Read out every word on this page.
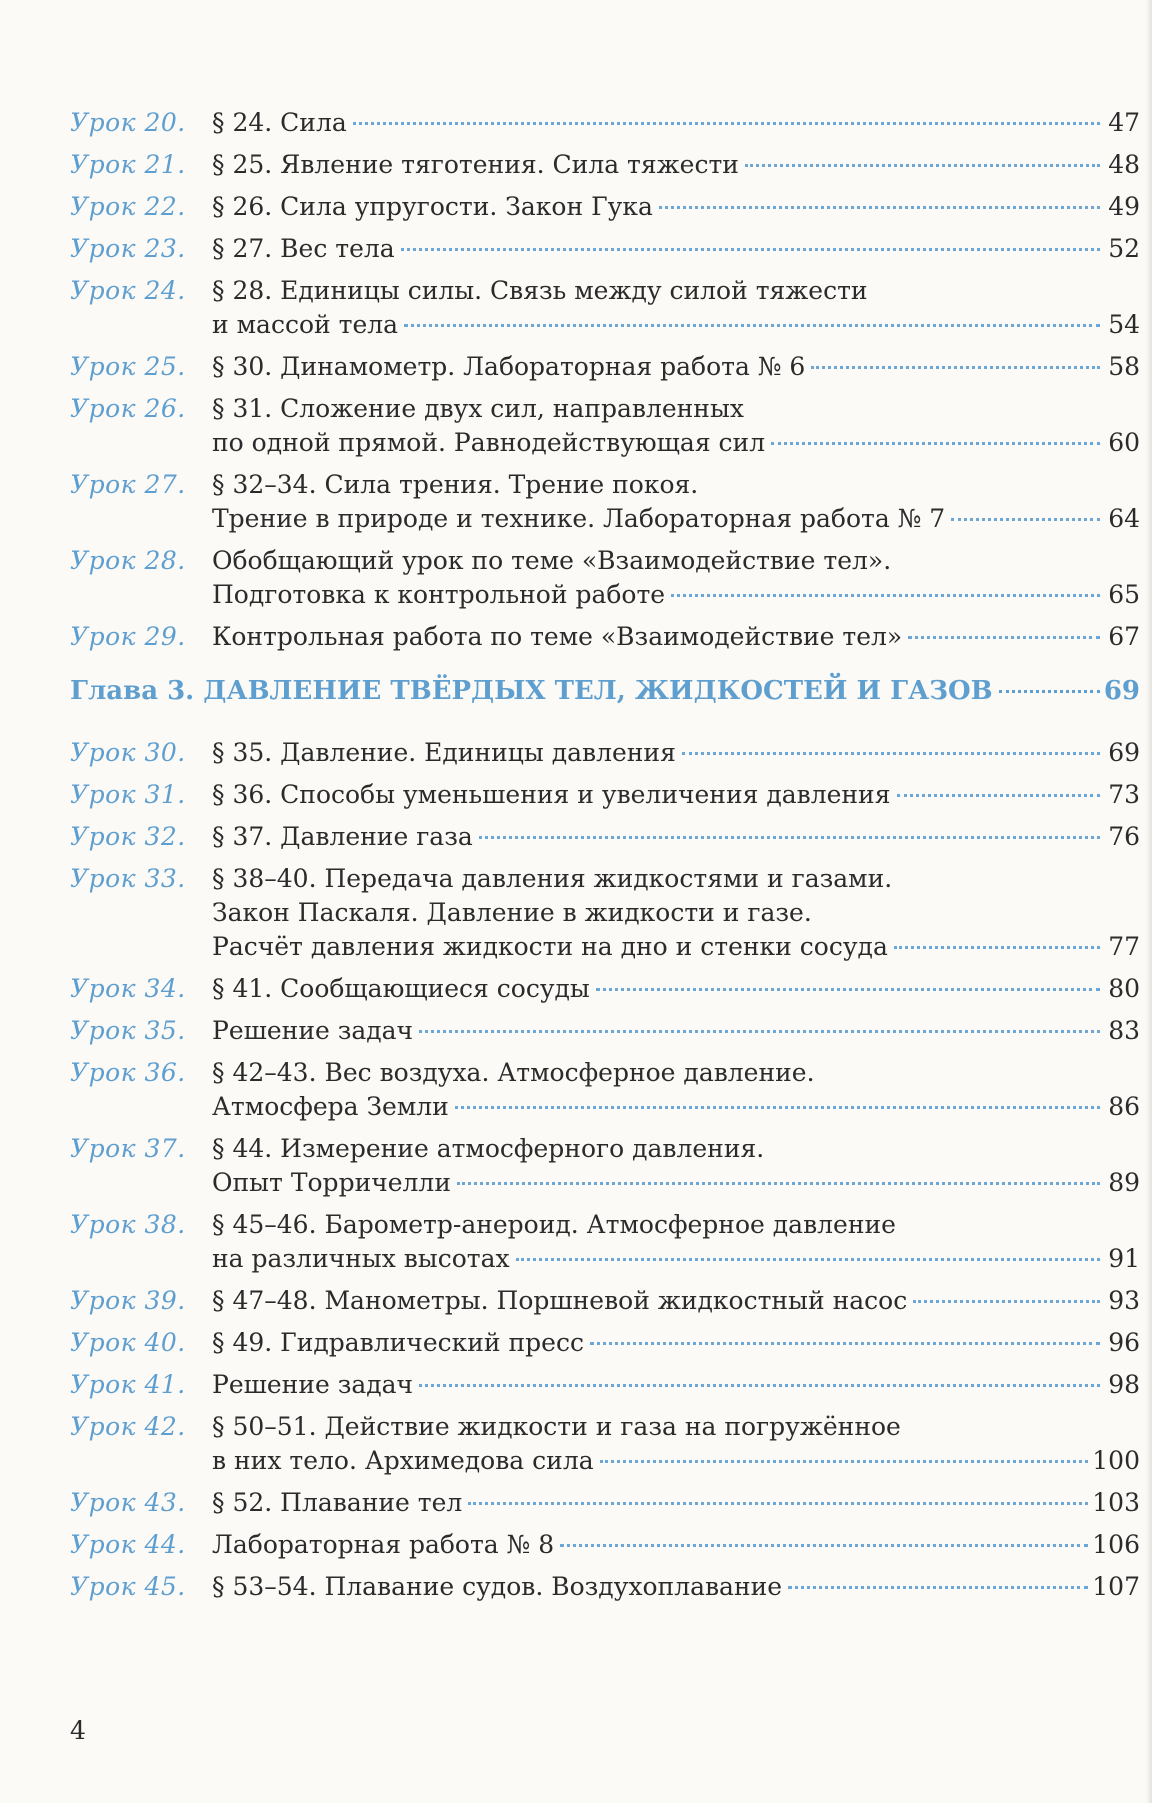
Урок 20.	§ 24. Сила	47
Урок 21.	§ 25. Явление тяготения. Сила тяжести	48
Урок 22.	§ 26. Сила упругости. Закон Гука	49
Урок 23.	§ 27. Вес тела	52
Урок 24.	§ 28. Единицы силы. Связь между силой тяжести
и массой тела	54
Урок 25.	§ 30. Динамометр. Лабораторная работа № 6	58
Урок 26.	§ 31. Сложение двух сил, направленных
по одной прямой. Равнодействующая сил	60
Урок 27.	§ 32–34. Сила трения. Трение покоя.
Трение в природе и технике. Лабораторная работа № 7	64
Урок 28.	Обобщающий урок по теме «Взаимодействие тел».
Подготовка к контрольной работе	65
Урок 29.	Контрольная работа по теме «Взаимодействие тел»	67
Глава 3. ДАВЛЕНИЕ ТВЁРДЫХ ТЕЛ, ЖИДКОСТЕЙ И ГАЗОВ	69
Урок 30.	§ 35. Давление. Единицы давления	69
Урок 31.	§ 36. Способы уменьшения и увеличения давления	73
Урок 32.	§ 37. Давление газа	76
Урок 33.	§ 38–40. Передача давления жидкостями и газами.
Закон Паскаля. Давление в жидкости и газе.
Расчёт давления жидкости на дно и стенки сосуда	77
Урок 34.	§ 41. Сообщающиеся сосуды	80
Урок 35.	Решение задач	83
Урок 36.	§ 42–43. Вес воздуха. Атмосферное давление.
Атмосфера Земли	86
Урок 37.	§ 44. Измерение атмосферного давления.
Опыт Торричелли	89
Урок 38.	§ 45–46. Барометр-анероид. Атмосферное давление
на различных высотах	91
Урок 39.	§ 47–48. Манометры. Поршневой жидкостный насос	93
Урок 40.	§ 49. Гидравлический пресс	96
Урок 41.	Решение задач	98
Урок 42.	§ 50–51. Действие жидкости и газа на погружённое
в них тело. Архимедова сила	100
Урок 43.	§ 52. Плавание тел	103
Урок 44.	Лабораторная работа № 8	106
Урок 45.	§ 53–54. Плавание судов. Воздухоплавание	107
4
